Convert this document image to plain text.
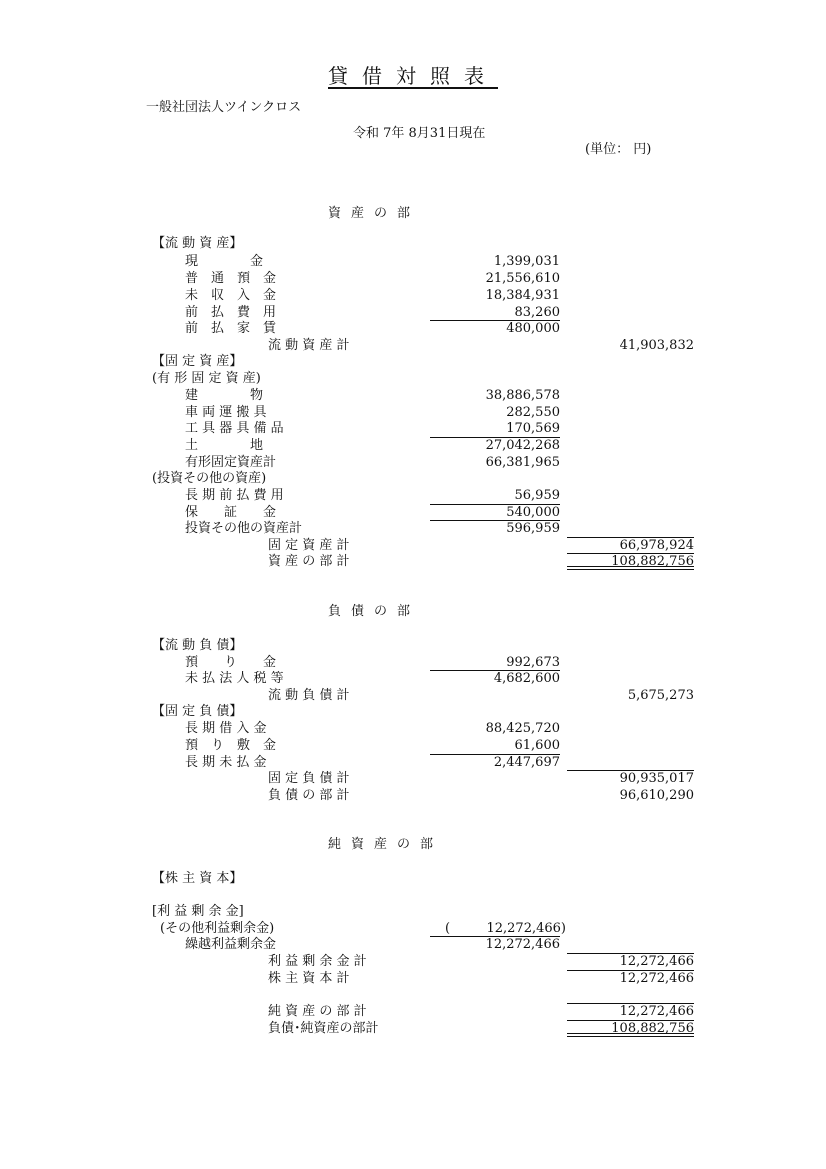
貸借対照表
一般社団法人ツインクロス
令和 7年 8月31日現在
(単位： 円)
資産の部
【流 動 資 産】
現　　　　金	1,399,031
普　通　預　金	21,556,610
未　収　入　金	18,384,931
前　払　費　用	83,260
前　払　家　賃	480,000
流 動 資 産 計	41,903,832
【固 定 資 産】
(有 形 固 定 資 産)
建　　　　物	38,886,578
車 両 運 搬 具	282,550
工 具 器 具 備 品	170,569
土　　　　地	27,042,268
有形固定資産計	66,381,965
(投資その他の資産)
長 期 前 払 費 用	56,959
保　　証　　金	540,000
投資その他の資産計	596,959
固 定 資 産 計	66,978,924
資 産 の 部 計	108,882,756
負債の部
【流 動 負 債】
預　　り　　金	992,673
未 払 法 人 税 等	4,682,600
流 動 負 債 計	5,675,273
【固 定 負 債】
長 期 借 入 金	88,425,720
預　り　敷　金	61,600
長 期 未 払 金	2,447,697
固 定 負 債 計	90,935,017
負 債 の 部 計	96,610,290
純資産の部
【株 主 資 本】
[利 益 剰 余 金]
(その他利益剰余金)	(	12,272,466)
繰越利益剰余金	12,272,466
利 益 剰 余 金 計	12,272,466
株 主 資 本 計	12,272,466
純 資 産 の 部 計	12,272,466
負債･純資産の部計	108,882,756
